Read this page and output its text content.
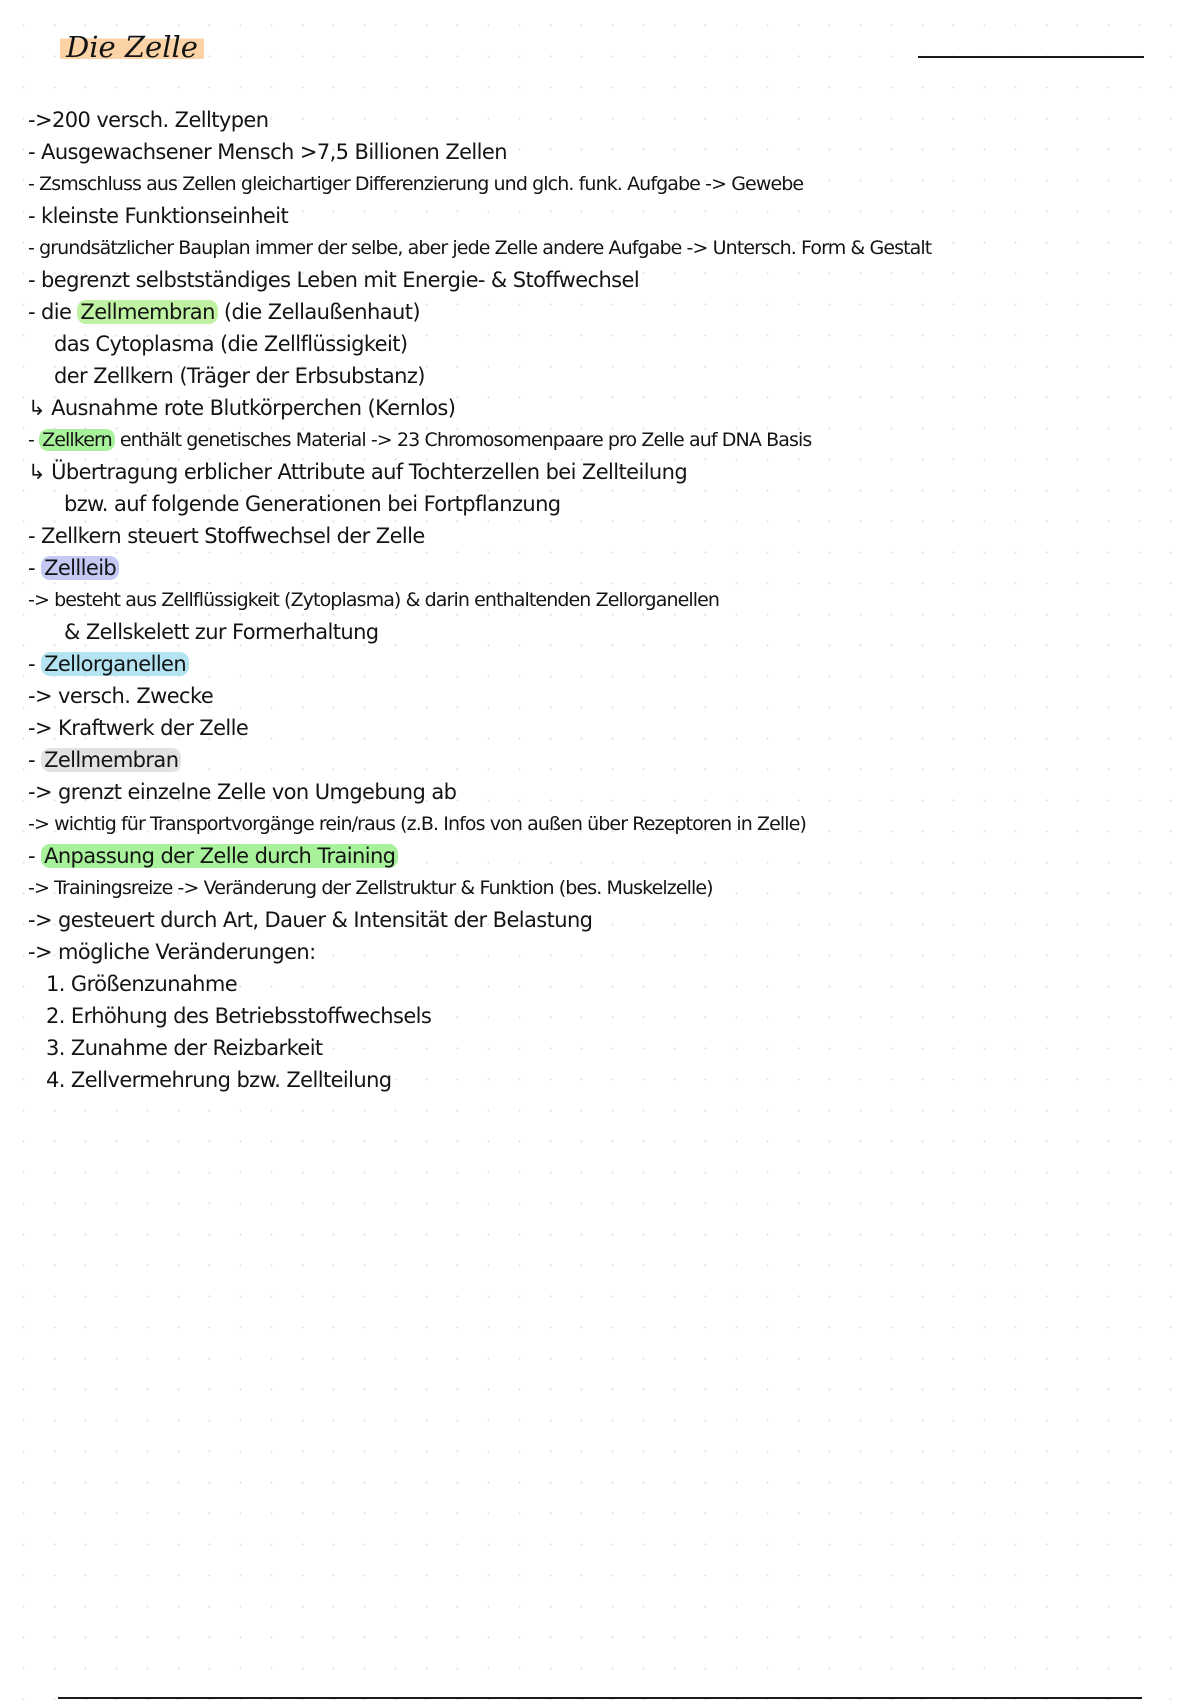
Die Zelle
->200 versch. Zelltypen
- Ausgewachsener Mensch >7,5 Billionen Zellen
- Zsmschluss aus Zellen gleichartiger Differenzierung und glch. funk. Aufgabe -> Gewebe
- kleinste Funktionseinheit
- grundsätzlicher Bauplan immer der selbe, aber jede Zelle andere Aufgabe -> Untersch. Form & Gestalt
- begrenzt selbstständiges Leben mit Energie- & Stoffwechsel
- die Zellmembran (die Zellaußenhaut)
das Cytoplasma (die Zellflüssigkeit)
der Zellkern (Träger der Erbsubstanz)
↳ Ausnahme rote Blutkörperchen (Kernlos)
- Zellkern enthält genetisches Material -> 23 Chromosomenpaare pro Zelle auf DNA Basis
↳ Übertragung erblicher Attribute auf Tochterzellen bei Zellteilung
bzw. auf folgende Generationen bei Fortpflanzung
- Zellkern steuert Stoffwechsel der Zelle
- Zellleib
-> besteht aus Zellflüssigkeit (Zytoplasma) & darin enthaltenden Zellorganellen
& Zellskelett zur Formerhaltung
- Zellorganellen
-> versch. Zwecke
-> Kraftwerk der Zelle
- Zellmembran
-> grenzt einzelne Zelle von Umgebung ab
-> wichtig für Transportvorgänge rein/raus (z.B. Infos von außen über Rezeptoren in Zelle)
- Anpassung der Zelle durch Training
-> Trainingsreize -> Veränderung der Zellstruktur & Funktion (bes. Muskelzelle)
-> gesteuert durch Art, Dauer & Intensität der Belastung
-> mögliche Veränderungen:
1. Größenzunahme
2. Erhöhung des Betriebsstoffwechsels
3. Zunahme der Reizbarkeit
4. Zellvermehrung bzw. Zellteilung
